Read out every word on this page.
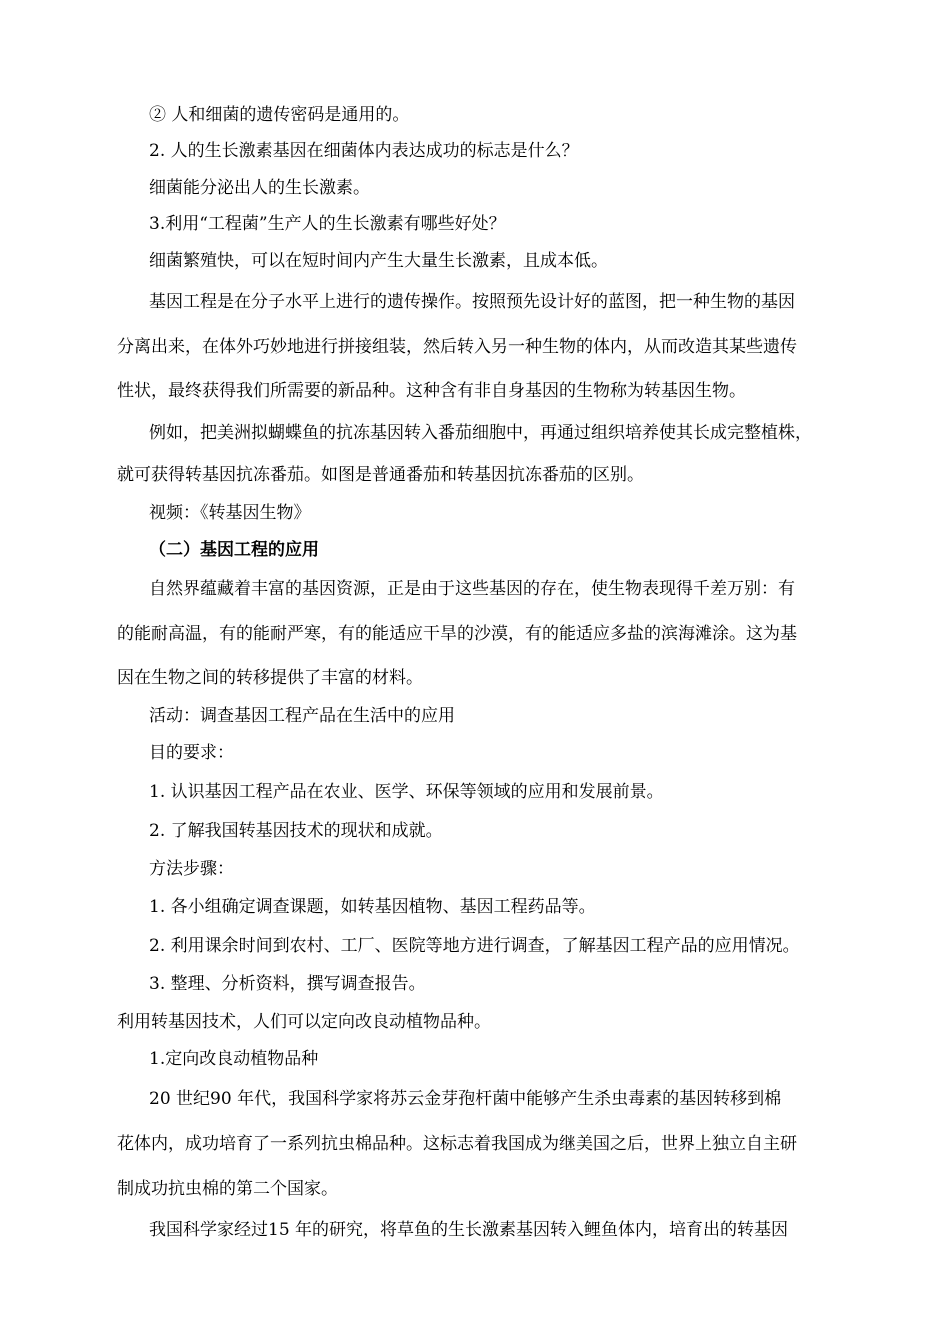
② 人和细菌的遗传密码是通用的。
2. 人的生长激素基因在细菌体内表达成功的标志是什么？
细菌能分泌出人的生长激素。
3.利用“工程菌”生产人的生长激素有哪些好处？
细菌繁殖快，可以在短时间内产生大量生长激素，且成本低。
基因工程是在分子水平上进行的遗传操作。按照预先设计好的蓝图，把一种生物的基因
分离出来，在体外巧妙地进行拼接组装，然后转入另一种生物的体内，从而改造其某些遗传
性状，最终获得我们所需要的新品种。这种含有非自身基因的生物称为转基因生物。
例如，把美洲拟蝴蝶鱼的抗冻基因转入番茄细胞中，再通过组织培养使其长成完整植株，
就可获得转基因抗冻番茄。如图是普通番茄和转基因抗冻番茄的区别。
视频：《转基因生物》
（二）基因工程的应用
自然界蕴藏着丰富的基因资源，正是由于这些基因的存在，使生物表现得千差万别：有
的能耐高温，有的能耐严寒，有的能适应干旱的沙漠，有的能适应多盐的滨海滩涂。这为基
因在生物之间的转移提供了丰富的材料。
活动：调查基因工程产品在生活中的应用
目的要求：
1. 认识基因工程产品在农业、医学、环保等领域的应用和发展前景。
2. 了解我国转基因技术的现状和成就。
方法步骤：
1. 各小组确定调查课题，如转基因植物、基因工程药品等。
2. 利用课余时间到农村、工厂、医院等地方进行调查，了解基因工程产品的应用情况。
3. 整理、分析资料，撰写调查报告。
利用转基因技术，人们可以定向改良动植物品种。
1.定向改良动植物品种
20 世纪90 年代，我国科学家将苏云金芽孢杆菌中能够产生杀虫毒素的基因转移到棉
花体内，成功培育了一系列抗虫棉品种。这标志着我国成为继美国之后，世界上独立自主研
制成功抗虫棉的第二个国家。
我国科学家经过15 年的研究，将草鱼的生长激素基因转入鲤鱼体内，培育出的转基因
